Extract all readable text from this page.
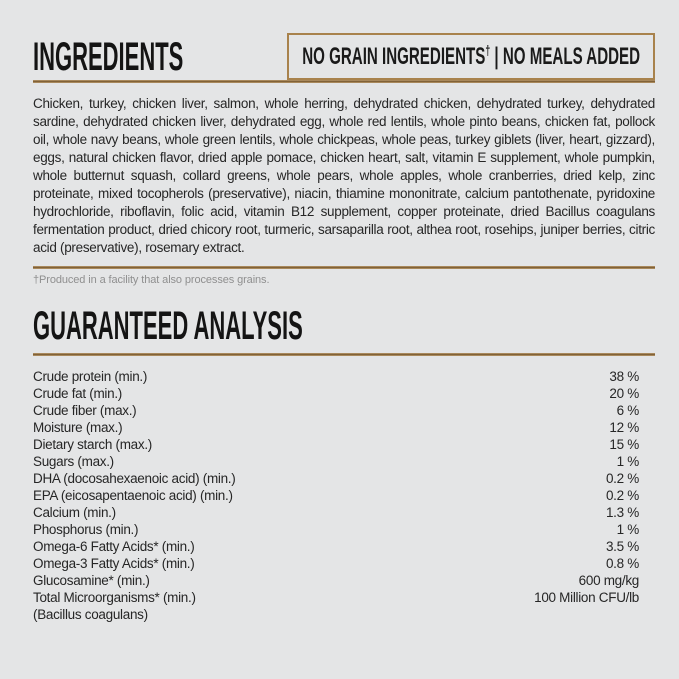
INGREDIENTS	NO GRAIN INGREDIENTS† | NO MEALS ADDED

Chicken, turkey, chicken liver, salmon, whole herring, dehydrated chicken, dehydrated turkey, dehydrated sardine, dehydrated chicken liver, dehydrated egg, whole red lentils, whole pinto beans, chicken fat, pollock oil, whole navy beans, whole green lentils, whole chickpeas, whole peas, turkey giblets (liver, heart, gizzard), eggs, natural chicken flavor, dried apple pomace, chicken heart, salt, vitamin E supplement, whole pumpkin, whole butternut squash, collard greens, whole pears, whole apples, whole cranberries, dried kelp, zinc proteinate, mixed tocopherols (preservative), niacin, thiamine mononitrate, calcium pantothenate, pyridoxine hydrochloride, riboflavin, folic acid, vitamin B12 supplement, copper proteinate, dried Bacillus coagulans fermentation product, dried chicory root, turmeric, sarsaparilla root, althea root, rosehips, juniper berries, citric acid (preservative), rosemary extract.

†Produced in a facility that also processes grains.
GUARANTEED ANALYSIS
Crude protein (min.)	38 %
Crude fat (min.)	20 %
Crude fiber (max.)	6 %
Moisture (max.)	12 %
Dietary starch (max.)	15 %
Sugars (max.)	1 %
DHA (docosahexaenoic acid) (min.)	0.2 %
EPA (eicosapentaenoic acid) (min.)	0.2 %
Calcium (min.)	1.3 %
Phosphorus (min.)	1 %
Omega-6 Fatty Acids* (min.)	3.5 %
Omega-3 Fatty Acids* (min.)	0.8 %
Glucosamine* (min.)	600 mg/kg
Total Microorganisms* (min.)	100 Million CFU/lb
(Bacillus coagulans)
